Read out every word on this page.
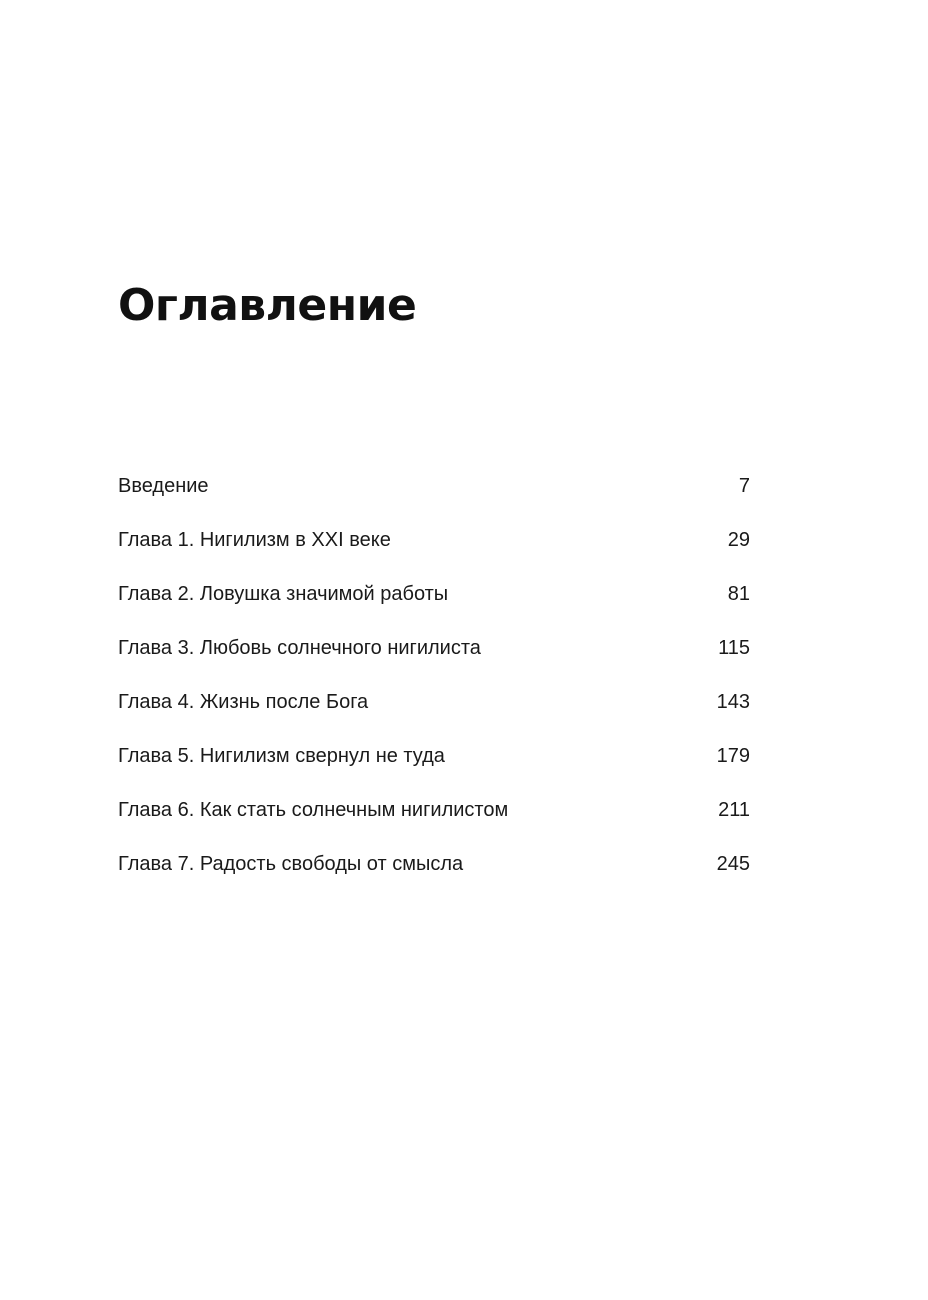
Оглавление
Введение	7
Глава 1. Нигилизм в XXI веке	29
Глава 2. Ловушка значимой работы	81
Глава 3. Любовь солнечного нигилиста	115
Глава 4. Жизнь после Бога	143
Глава 5. Нигилизм свернул не туда	179
Глава 6. Как стать солнечным нигилистом	211
Глава 7. Радость свободы от смысла	245
